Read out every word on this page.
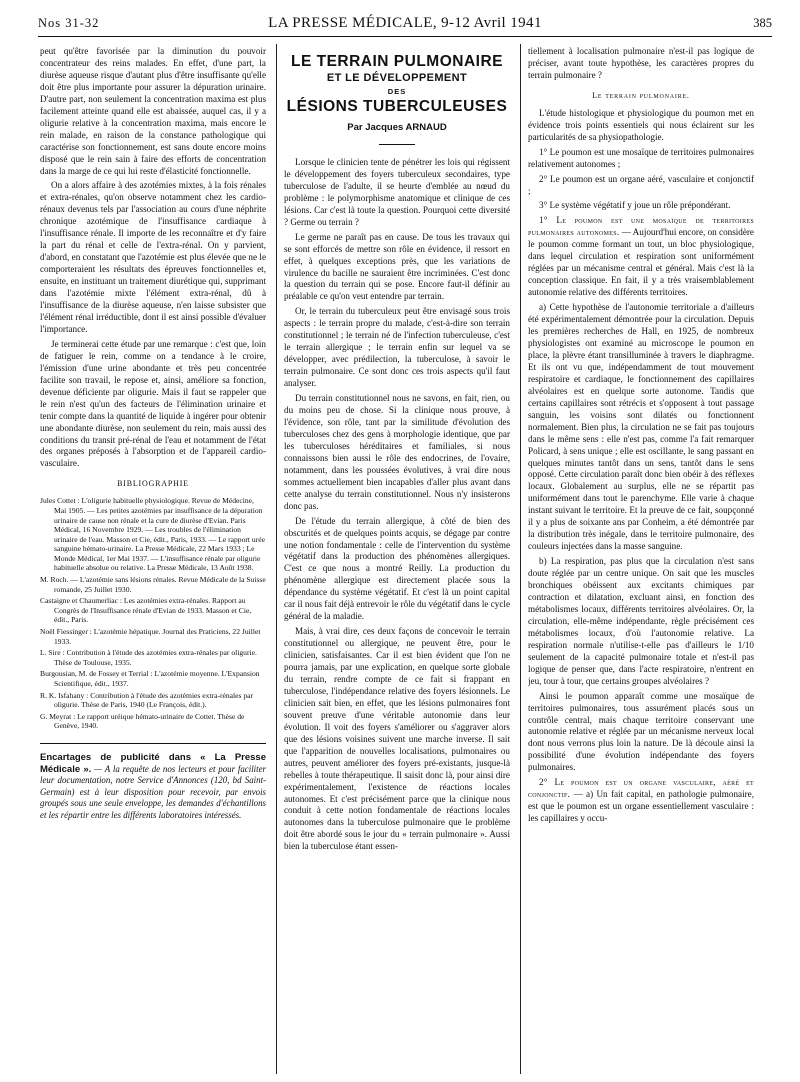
Nos 31-32	LA PRESSE MÉDICALE, 9-12 Avril 1941	385

peut qu'être favorisée par la diminution du pouvoir concentrateur des reins malades. En effet, d'une part, la diurèse aqueuse risque d'autant plus d'être insuffisante qu'elle doit être plus importante pour assurer la dépuration urinaire. D'autre part, non seulement la concentration maxima est plus facilement atteinte quand elle est abaissée, auquel cas, il y a oligurie relative à la concentration maxima, mais encore le rein malade, en raison de la constance pathologique qui caractérise son fonctionnement, est sans doute encore moins disposé que le rein sain à faire des efforts de concentration dans la marge de ce qui lui reste d'élasticité fonctionnelle.

On a alors affaire à des azotémies mixtes, à la fois rénales et extra-rénales, qu'on observe notamment chez les cardio-rénaux devenus tels par l'association au cours d'une néphrite chronique azotémique de l'insuffisance cardiaque à l'insuffisance rénale. Il importe de les reconnaître et d'y faire la part du rénal et celle de l'extra-rénal. On y parvient, d'abord, en constatant que l'azotémie est plus élevée que ne le comporteraient les résultats des épreuves fonctionnelles et, ensuite, en instituant un traitement diurétique qui, supprimant dans l'azotémie mixte l'élément extra-rénal, dû à l'insuffisance de la diurèse aqueuse, n'en laisse subsister que l'élément rénal irréductible, dont il est ainsi possible d'évaluer l'importance.

Je terminerai cette étude par une remarque : c'est que, loin de fatiguer le rein, comme on a tendance à le croire, l'émission d'une urine abondante et très peu concentrée facilite son travail, le repose et, ainsi, améliore sa fonction, devenue déficiente par oligurie. Mais il faut se rappeler que le rein n'est qu'un des facteurs de l'élimination urinaire et tenir compte dans la quantité de liquide à ingérer pour obtenir une abondante diurèse, non seulement du rein, mais aussi des conditions du transit pré-rénal de l'eau et notamment de l'état des organes préposés à l'absorption et de l'appareil cardio-vasculaire.

BIBLIOGRAPHIE
Jules Cottet : L'oligurie habituelle physiologique. Revue de Médecine, Mai 1905. — Les petites azotémies par insuffisance de la dépuration urinaire de cause non rénale et la cure de diurèse d'Evian. Paris Médical, 16 Novembre 1929. — Les troubles de l'élimination urinaire de l'eau. Masson et Cie, édit., Paris, 1933. — Le rapport urée sanguine hémato-urinaire. La Presse Médicale, 22 Mars 1933 ; Le Monde Médical, 1er Mai 1937. — L'insuffisance rénale par oligurie habituelle absolue ou relative. La Presse Médicale, 13 Août 1938.
M. Roch. — L'azotémie sans lésions rénales. Revue Médicale de la Suisse romande, 25 Juillet 1930.
Castaigne et Chaumerliac : Les azotémies extra-rénales. Rapport au Congrès de l'Insuffisance rénale d'Evian de 1933. Masson et Cie, édit., Paris.
Noël Fiessinger : L'azotémie hépatique. Journal des Praticiens, 22 Juillet 1933.
L. Sire : Contribution à l'étude des azotémies extra-rénales par oligurie. Thèse de Toulouse, 1935.
Burgousian, M. de Fossey et Terrial : L'azotémie moyenne. L'Expansion Scientifique, édit., 1937.
R. K. Isfahany : Contribution à l'étude des azotémies extra-rénales par oligurie. Thèse de Paris, 1940 (Le François, édit.).
G. Meyrat : Le rapport uréique hémato-urinaire de Cottet. Thèse de Genève, 1940.
Encartages de publicité dans « La Presse Médicale ». — A la requête de nos lecteurs et pour faciliter leur documentation, notre Service d'Annonces (120, bd Saint-Germain) est à leur disposition pour recevoir, par envois groupés sous une seule enveloppe, les demandes d'échantillons et les répartir entre les différents laboratoires intéressés.
LE TERRAIN PULMONAIRE
ET LE DÉVELOPPEMENT
DES
LÉSIONS TUBERCULEUSES
Par Jacques ARNAUD

Lorsque le clinicien tente de pénétrer les lois qui régissent le développement des foyers tuberculeux secondaires, type tuberculose de l'adulte, il se heurte d'emblée au nœud du problème : le polymorphisme anatomique et clinique de ces lésions. Car c'est là toute la question. Pourquoi cette diversité ? Germe ou terrain ?

Le germe ne paraît pas en cause. De tous les travaux qui se sont efforcés de mettre son rôle en évidence, il ressort en effet, à quelques exceptions près, que les variations de virulence du bacille ne sauraient être incriminées. C'est donc la question du terrain qui se pose. Encore faut-il définir au préalable ce qu'on veut entendre par terrain.

Or, le terrain du tuberculeux peut être envisagé sous trois aspects : le terrain propre du malade, c'est-à-dire son terrain constitutionnel ; le terrain né de l'infection tuberculeuse, c'est le terrain allergique ; le terrain enfin sur lequel va se développer, avec prédilection, la tuberculose, à savoir le terrain pulmonaire. Ce sont donc ces trois aspects qu'il faut analyser.

Du terrain constitutionnel nous ne savons, en fait, rien, ou du moins peu de chose. Si la clinique nous prouve, à l'évidence, son rôle, tant par la similitude d'évolution des tuberculoses chez des gens à morphologie identique, que par les tuberculoses héréditaires et familiales, si nous connaissons bien aussi le rôle des endocrines, de l'ovaire, notamment, dans les poussées évolutives, à vrai dire nous sommes actuellement bien incapables d'aller plus avant dans cette analyse du terrain constitutionnel. Nous n'y insisterons donc pas.

De l'étude du terrain allergique, à côté de bien des obscurités et de quelques points acquis, se dégage par contre une notion fondamentale : celle de l'intervention du système végétatif dans la production des phénomènes allergiques. C'est ce que nous a montré Reilly. La production du phénomène allergique est directement placée sous la dépendance du système végétatif. Et c'est là un point capital car il nous fait déjà entrevoir le rôle du végétatif dans le cycle général de la maladie.

Mais, à vrai dire, ces deux façons de concevoir le terrain constitutionnel ou allergique, ne peuvent être, pour le clinicien, satisfaisantes. Car il est bien évident que l'on ne pourra jamais, par une explication, en quelque sorte globale du terrain, rendre compte de ce fait si frappant en tuberculose, l'indépendance relative des foyers lésionnels. Le clinicien sait bien, en effet, que les lésions pulmonaires font souvent preuve d'une véritable autonomie dans leur évolution. Il voit des foyers s'améliorer ou s'aggraver alors que des lésions voisines suivent une marche inverse. Il sait que l'apparition de nouvelles localisations, pulmonaires ou autres, peuvent améliorer des foyers pré-existants, jusque-là rebelles à toute thérapeutique. Il saisit donc là, pour ainsi dire expérimentalement, l'existence de réactions locales autonomes. Et c'est précisément parce que la clinique nous conduit à cette notion fondamentale de réactions locales autonomes dans la tuberculose pulmonaire que le problème doit être abordé sous le jour du « terrain pulmonaire ». Aussi bien la tuberculose étant essen-

tiellement à localisation pulmonaire n'est-il pas logique de préciser, avant toute hypothèse, les caractères propres du terrain pulmonaire ?

Le terrain pulmonaire.

L'étude histologique et physiologique du poumon met en évidence trois points essentiels qui nous éclairent sur les particularités de sa physiopathologie.

1° Le poumon est une mosaïque de territoires pulmonaires relativement autonomes ;

2° Le poumon est un organe aéré, vasculaire et conjonctif ;

3° Le système végétatif y joue un rôle prépondérant.

1° Le poumon est une mosaïque de territoires pulmonaires autonomes. — Aujourd'hui encore, on considère le poumon comme formant un tout, un bloc physiologique, dans lequel circulation et respiration sont uniformément réglées par un mécanisme central et général. Mais c'est là la conception classique. En fait, il y a très vraisemblablement autonomie relative des différents territoires.

a) Cette hypothèse de l'autonomie territoriale a d'ailleurs été expérimentalement démontrée pour la circulation. Depuis les premières recherches de Hall, en 1925, de nombreux physiologistes ont examiné au microscope le poumon en place, la plèvre étant transilluminée à travers le diaphragme. Et ils ont vu que, indépendamment de tout mouvement respiratoire et cardiaque, le fonctionnement des capillaires alvéolaires est en quelque sorte autonome. Tandis que certains capillaires sont rétrécis et s'opposent à tout passage sanguin, les voisins sont dilatés ou fonctionnent normalement. Bien plus, la circulation ne se fait pas toujours dans le même sens : elle n'est pas, comme l'a fait remarquer Policard, à sens unique ; elle est oscillante, le sang passant en quelques minutes tantôt dans un sens, tantôt dans le sens opposé. Cette circulation paraît donc bien obéir à des réflexes locaux. Globalement au surplus, elle ne se répartit pas uniformément dans tout le parenchyme. Elle varie à chaque instant suivant le territoire. Et la preuve de ce fait, soupçonné il y a plus de soixante ans par Conheim, a été démontrée par la distribution très inégale, dans le territoire pulmonaire, des couleurs injectées dans la masse sanguine.

b) La respiration, pas plus que la circulation n'est sans doute réglée par un centre unique. On sait que les muscles bronchiques obéissent aux excitants chimiques par contraction et dilatation, excluant ainsi, en fonction des métabolismes locaux, différents territoires alvéolaires. Or, la circulation, elle-même indépendante, règle précisément ces métabolismes locaux, d'où l'autonomie relative. La respiration normale n'utilise-t-elle pas d'ailleurs le 1/10 seulement de la capacité pulmonaire totale et n'est-il pas logique de penser que, dans l'acte respiratoire, n'entrent en jeu, tour à tour, que certains groupes alvéolaires ?

Ainsi le poumon apparaît comme une mosaïque de territoires pulmonaires, tous assurément placés sous un contrôle central, mais chaque territoire conservant une autonomie relative et réglée par un mécanisme nerveux local dont nous verrons plus loin la nature. De là découle ainsi la possibilité d'une évolution indépendante des foyers pulmonaires.

2° Le poumon est un organe vasculaire, aéré et conjonctif. — a) Un fait capital, en pathologie pulmonaire, est que le poumon est un organe essentiellement vasculaire : les capillaires y occu-
